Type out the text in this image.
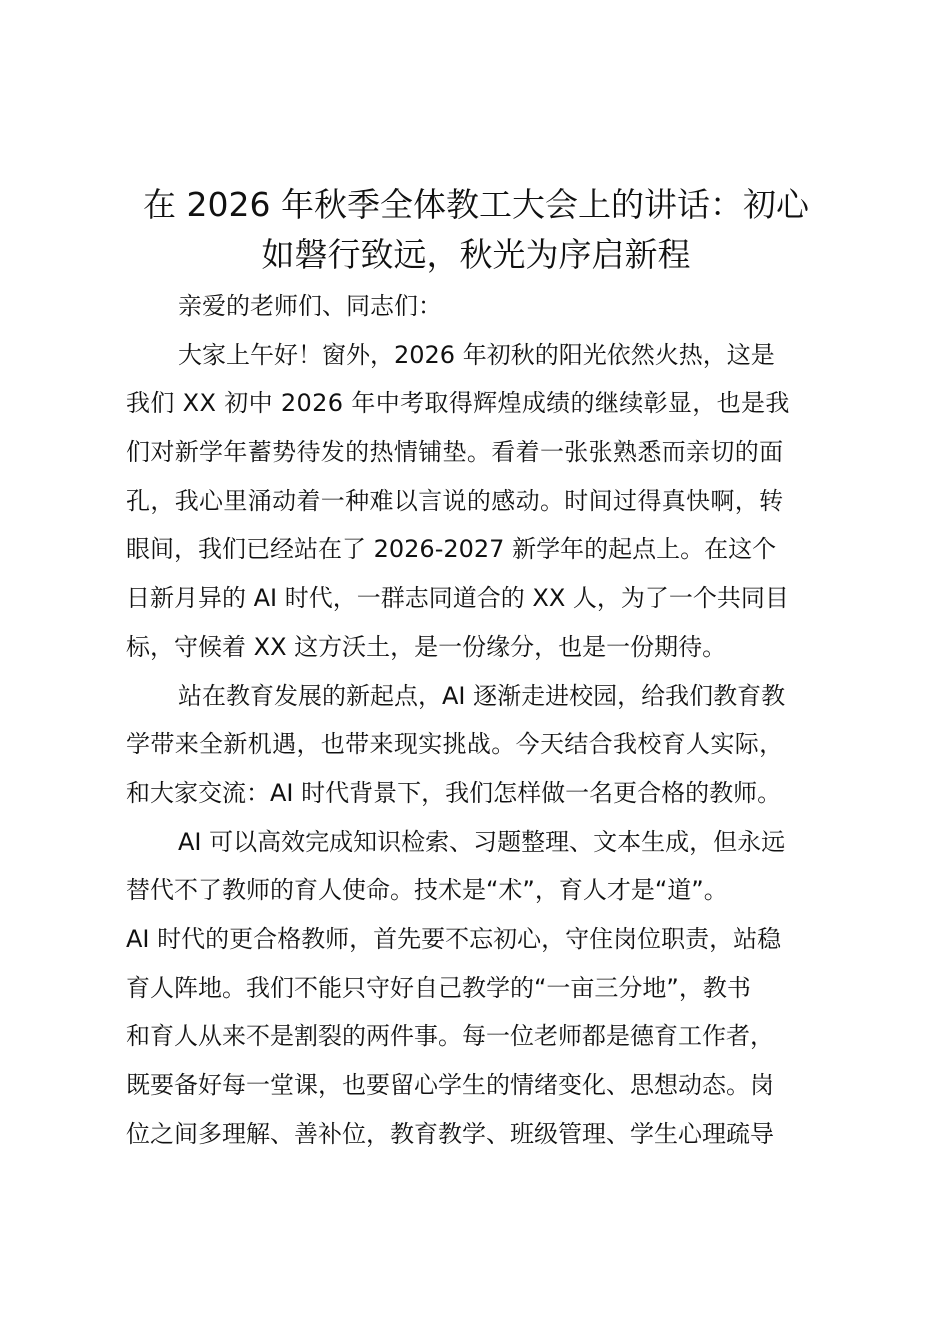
在 2026 年秋季全体教工大会上的讲话：初心
如磐行致远，秋光为序启新程
亲爱的老师们、同志们：
大家上午好！窗外，2026 年初秋的阳光依然火热，这是
我们 XX 初中 2026 年中考取得辉煌成绩的继续彰显，也是我
们对新学年蓄势待发的热情铺垫。看着一张张熟悉而亲切的面
孔，我心里涌动着一种难以言说的感动。时间过得真快啊，转
眼间，我们已经站在了 2026-2027 新学年的起点上。在这个
日新月异的 AI 时代，一群志同道合的 XX 人，为了一个共同目
标，守候着 XX 这方沃土，是一份缘分，也是一份期待。
站在教育发展的新起点，AI 逐渐走进校园，给我们教育教
学带来全新机遇，也带来现实挑战。今天结合我校育人实际，
和大家交流：AI 时代背景下，我们怎样做一名更合格的教师。
AI 可以高效完成知识检索、习题整理、文本生成，但永远
替代不了教师的育人使命。技术是“术”，育人才是“道”。
AI 时代的更合格教师，首先要不忘初心，守住岗位职责，站稳
育人阵地。我们不能只守好自己教学的“一亩三分地”，教书
和育人从来不是割裂的两件事。每一位老师都是德育工作者，
既要备好每一堂课，也要留心学生的情绪变化、思想动态。岗
位之间多理解、善补位，教育教学、班级管理、学生心理疏导
